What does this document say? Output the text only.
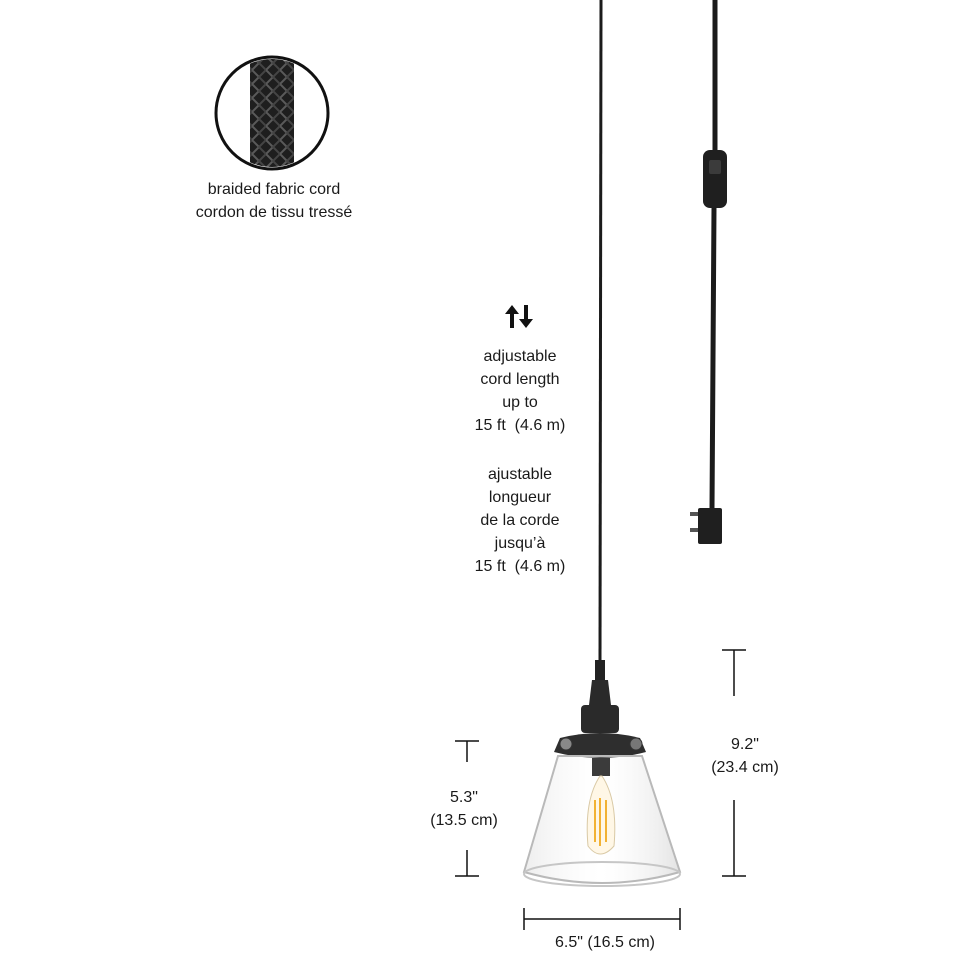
braided fabric cord
cordon de tissu tressé
adjustable
cord length
up to
15 ft  (4.6 m)
ajustable
longueur
de la corde
jusqu’à
15 ft  (4.6 m)
9.2"
(23.4 cm)
5.3"
(13.5 cm)
6.5" (16.5 cm)
